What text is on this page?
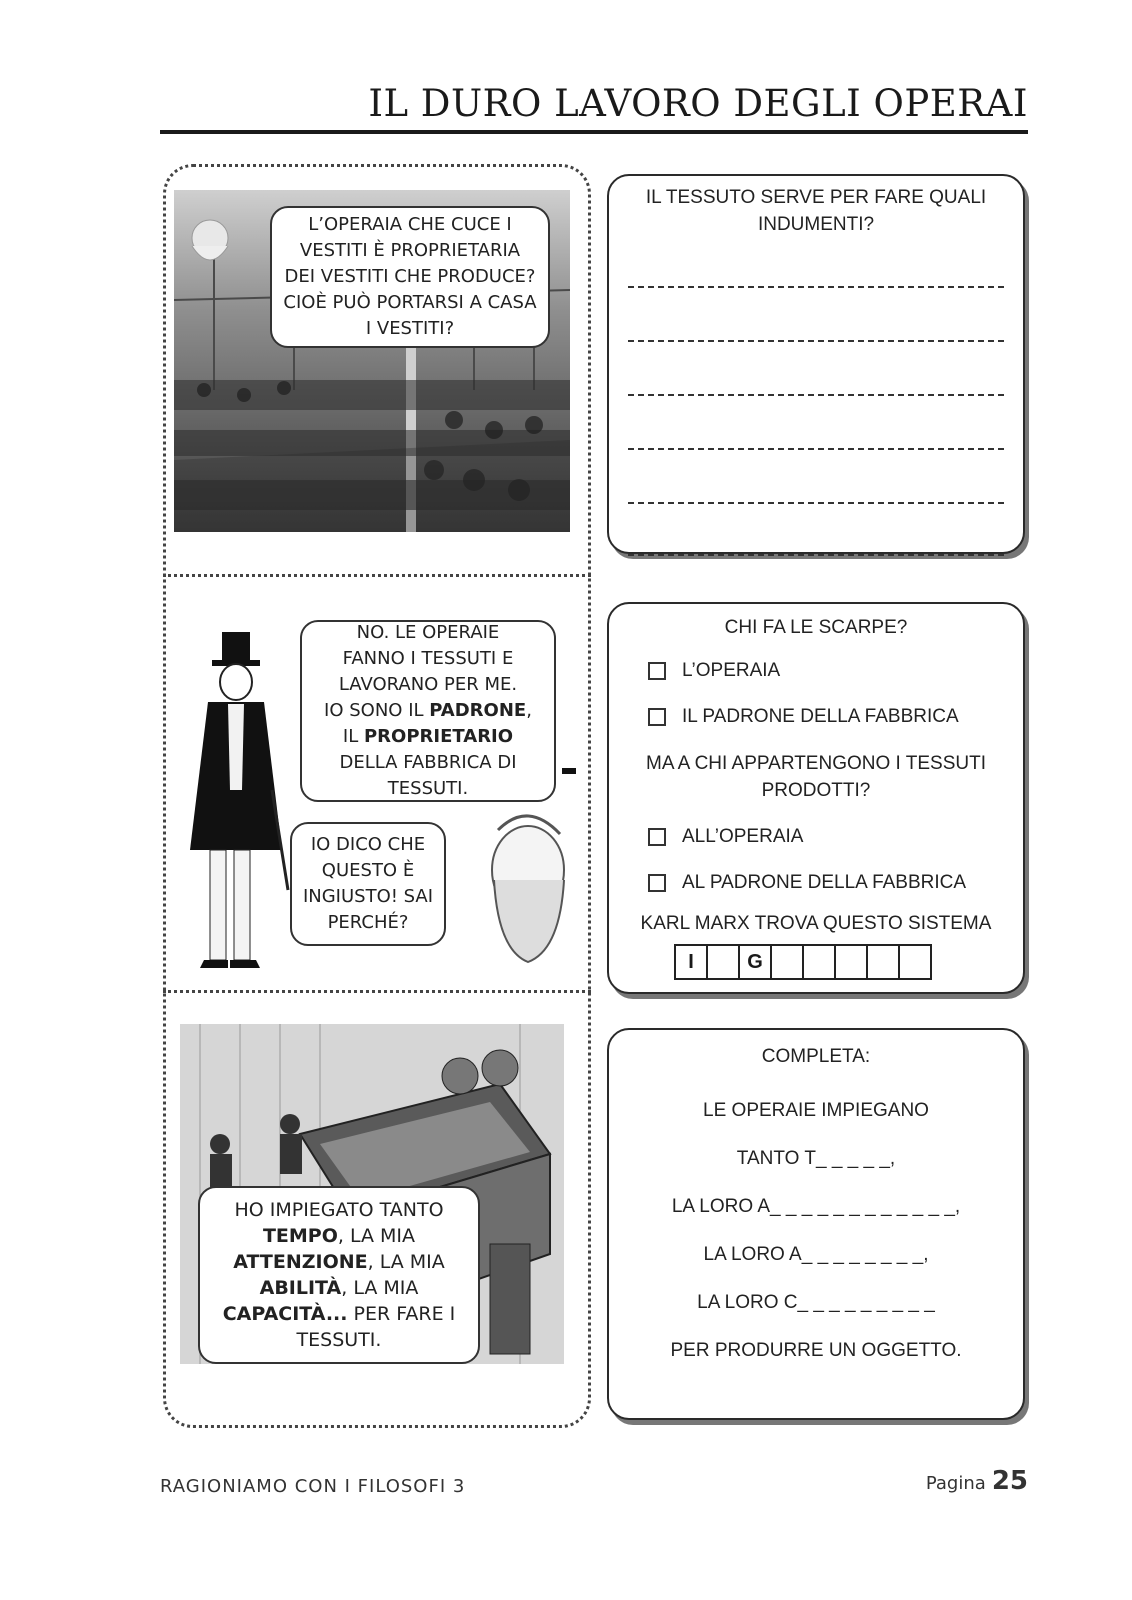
IL DURO LAVORO DEGLI OPERAI
L’OPERAIA CHE CUCE I
VESTITI È PROPRIETARIA
DEI VESTITI CHE PRODUCE?
CIOÈ PUÒ PORTARSI A CASA
I VESTITI?
NO. LE OPERAIE
FANNO I TESSUTI E
LAVORANO PER ME.
IO SONO IL PADRONE,
IL PROPRIETARIO
DELLA FABBRICA DI
TESSUTI.
IO DICO CHE
QUESTO È
INGIUSTO! SAI
PERCHÉ?
HO IMPIEGATO TANTO
TEMPO, LA MIA
ATTENZIONE, LA MIA
ABILITÀ, LA MIA
CAPACITÀ... PER FARE I
TESSUTI.
IL TESSUTO SERVE PER FARE QUALI
INDUMENTI?
CHI FA LE SCARPE?
L’OPERAIA
IL PADRONE DELLA FABBRICA
MA A CHI APPARTENGONO I TESSUTI
PRODOTTI?
ALL’OPERAIA
AL PADRONE DELLA FABBRICA
KARL MARX TROVA QUESTO SISTEMA
I	G
COMPLETA:
LE OPERAIE IMPIEGANO
TANTO T_ _ _ _ _,
LA LORO A_ _ _ _ _ _ _ _ _ _ _ _,
LA LORO A_ _ _ _ _ _ _ _,
LA LORO C_ _ _ _ _ _ _ _ _
PER PRODURRE UN OGGETTO.
RAGIONIAMO CON I FILOSOFI 3	Pagina 25
